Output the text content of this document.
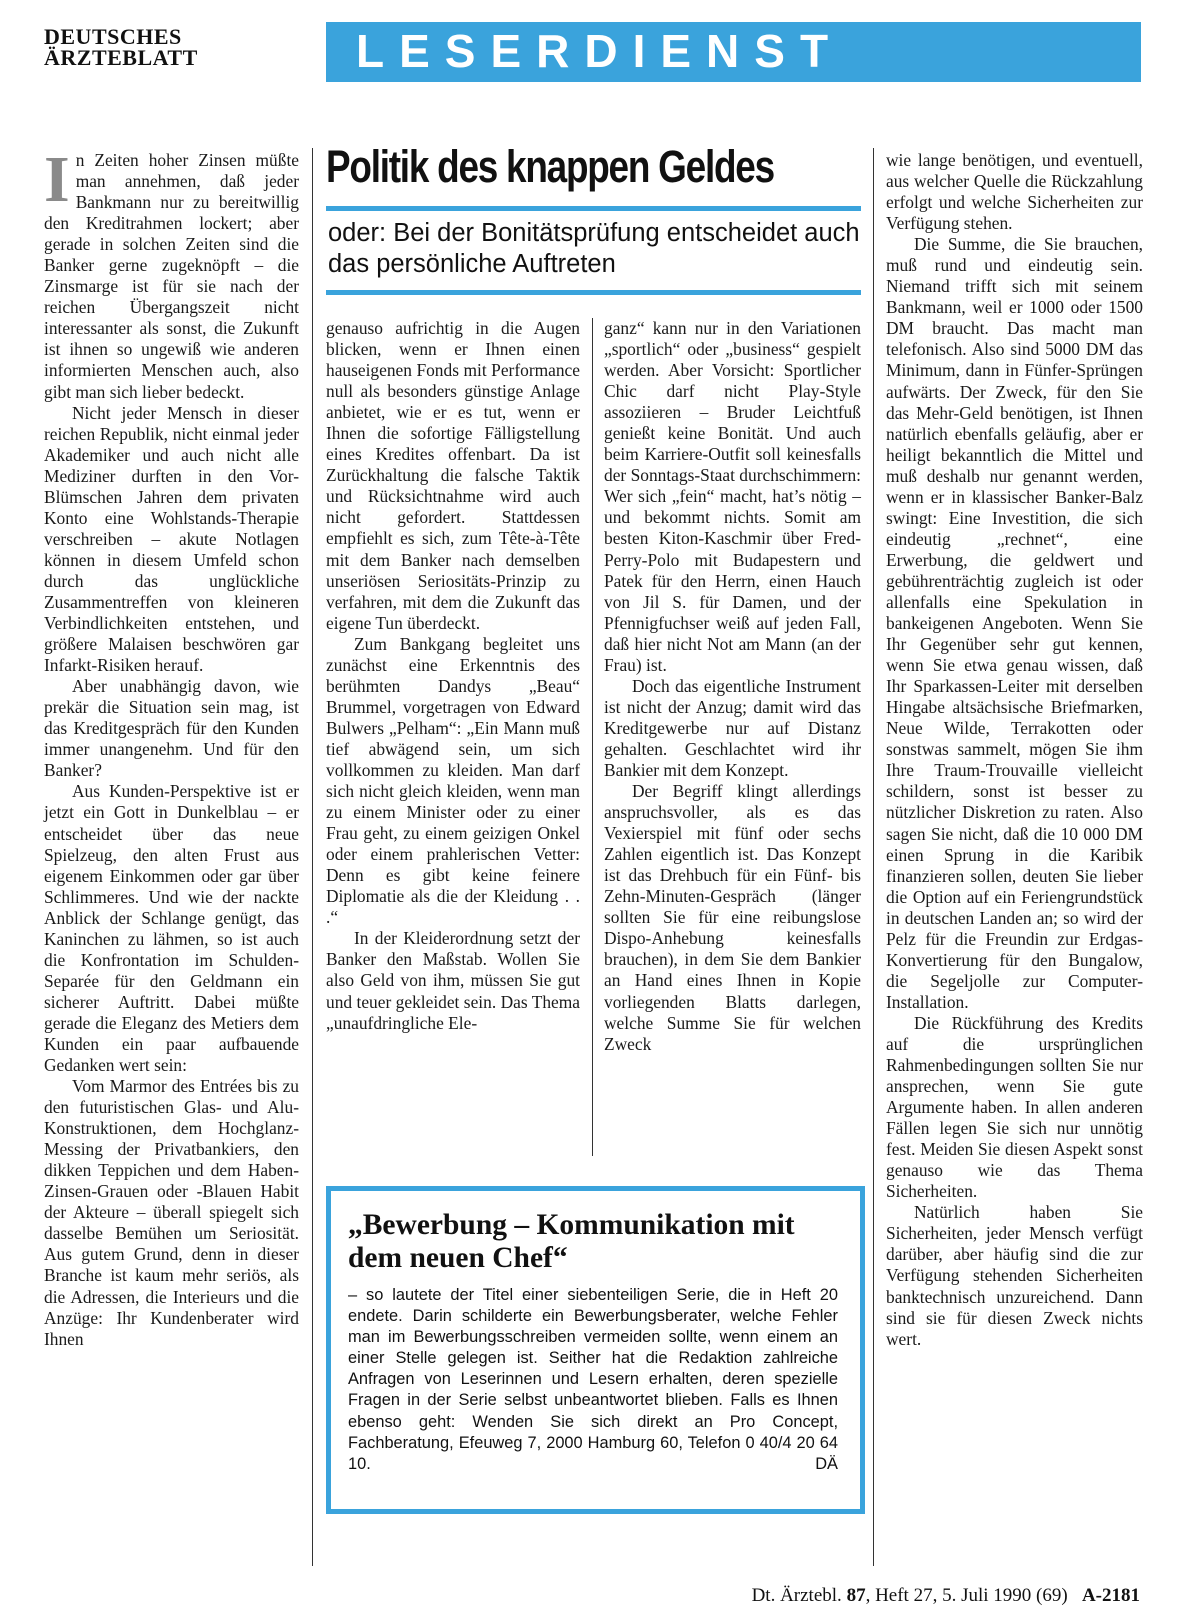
DEUTSCHES
ÄRZTEBLATT	LESERDIENST

In Zeiten hoher Zinsen müßte man annehmen, daß jeder Bankmann nur zu bereitwillig den Kreditrahmen lockert; aber gerade in solchen Zeiten sind die Banker gerne zugeknöpft – die Zinsmarge ist für sie nach der reichen Übergangszeit nicht interessanter als sonst, die Zukunft ist ihnen so ungewiß wie anderen informierten Menschen auch, also gibt man sich lieber bedeckt.

Nicht jeder Mensch in dieser reichen Republik, nicht einmal jeder Akademiker und auch nicht alle Mediziner durften in den Vor-Blümschen Jahren dem privaten Konto eine Wohlstands-Therapie verschreiben – akute Notlagen können in diesem Umfeld schon durch das unglückliche Zusammentreffen von kleineren Verbindlichkeiten entstehen, und größere Malaisen beschwören gar Infarkt-Risiken herauf.

Aber unabhängig davon, wie prekär die Situation sein mag, ist das Kreditgespräch für den Kunden immer unangenehm. Und für den Banker?

Aus Kunden-Perspektive ist er jetzt ein Gott in Dunkelblau – er entscheidet über das neue Spielzeug, den alten Frust aus eigenem Einkommen oder gar über Schlimmeres. Und wie der nackte Anblick der Schlange genügt, das Kaninchen zu lähmen, so ist auch die Konfrontation im Schulden-Separée für den Geldmann ein sicherer Auftritt. Dabei müßte gerade die Eleganz des Metiers dem Kunden ein paar aufbauende Gedanken wert sein:

Vom Marmor des Entrées bis zu den futuristischen Glas- und Alu-Konstruktionen, dem Hochglanz-Messing der Privatbankiers, den dikken Teppichen und dem Haben-Zinsen-Grauen oder -Blauen Habit der Akteure – überall spiegelt sich dasselbe Bemühen um Seriosität. Aus gutem Grund, denn in dieser Branche ist kaum mehr seriös, als die Adressen, die Interieurs und die Anzüge: Ihr Kundenberater wird Ihnen

Politik des knappen Geldes
oder: Bei der Bonitätsprüfung entscheidet auch das persönliche Auftreten

genauso aufrichtig in die Augen blicken, wenn er Ihnen einen hauseigenen Fonds mit Performance null als besonders günstige Anlage anbietet, wie er es tut, wenn er Ihnen die sofortige Fälligstellung eines Kredites offenbart. Da ist Zurückhaltung die falsche Taktik und Rücksichtnahme wird auch nicht gefordert. Stattdessen empfiehlt es sich, zum Tête-à-Tête mit dem Banker nach demselben unseriösen Seriositäts-Prinzip zu verfahren, mit dem die Zukunft das eigene Tun überdeckt.

Zum Bankgang begleitet uns zunächst eine Erkenntnis des berühmten Dandys „Beau“ Brummel, vorgetragen von Edward Bulwers „Pelham“: „Ein Mann muß tief abwägend sein, um sich vollkommen zu kleiden. Man darf sich nicht gleich kleiden, wenn man zu einem Minister oder zu einer Frau geht, zu einem geizigen Onkel oder einem prahlerischen Vetter: Denn es gibt keine feinere Diplomatie als die der Kleidung . . .“

In der Kleiderordnung setzt der Banker den Maßstab. Wollen Sie also Geld von ihm, müssen Sie gut und teuer gekleidet sein. Das Thema „unaufdringliche Ele-

ganz“ kann nur in den Variationen „sportlich“ oder „business“ gespielt werden. Aber Vorsicht: Sportlicher Chic darf nicht Play-Style assoziieren – Bruder Leichtfuß genießt keine Bonität. Und auch beim Karriere-Outfit soll keinesfalls der Sonntags-Staat durchschimmern: Wer sich „fein“ macht, hat’s nötig – und bekommt nichts. Somit am besten Kiton-Kaschmir über Fred-Perry-Polo mit Budapestern und Patek für den Herrn, einen Hauch von Jil S. für Damen, und der Pfennigfuchser weiß auf jeden Fall, daß hier nicht Not am Mann (an der Frau) ist.

Doch das eigentliche Instrument ist nicht der Anzug; damit wird das Kreditgewerbe nur auf Distanz gehalten. Geschlachtet wird ihr Bankier mit dem Konzept.

Der Begriff klingt allerdings anspruchsvoller, als es das Vexierspiel mit fünf oder sechs Zahlen eigentlich ist. Das Konzept ist das Drehbuch für ein Fünf- bis Zehn-Minuten-Gespräch (länger sollten Sie für eine reibungslose Dispo-Anhebung keinesfalls brauchen), in dem Sie dem Bankier an Hand eines Ihnen in Kopie vorliegenden Blatts darlegen, welche Summe Sie für welchen Zweck

wie lange benötigen, und eventuell, aus welcher Quelle die Rückzahlung erfolgt und welche Sicherheiten zur Verfügung stehen.

Die Summe, die Sie brauchen, muß rund und eindeutig sein. Niemand trifft sich mit seinem Bankmann, weil er 1000 oder 1500 DM braucht. Das macht man telefonisch. Also sind 5000 DM das Minimum, dann in Fünfer-Sprüngen aufwärts. Der Zweck, für den Sie das Mehr-Geld benötigen, ist Ihnen natürlich ebenfalls geläufig, aber er heiligt bekanntlich die Mittel und muß deshalb nur genannt werden, wenn er in klassischer Banker-Balz swingt: Eine Investition, die sich eindeutig „rechnet“, eine Erwerbung, die geldwert und gebührenträchtig zugleich ist oder allenfalls eine Spekulation in bankeigenen Angeboten. Wenn Sie Ihr Gegenüber sehr gut kennen, wenn Sie etwa genau wissen, daß Ihr Sparkassen-Leiter mit derselben Hingabe altsächsische Briefmarken, Neue Wilde, Terrakotten oder sonstwas sammelt, mögen Sie ihm Ihre Traum-Trouvaille vielleicht schildern, sonst ist besser zu nützlicher Diskretion zu raten. Also sagen Sie nicht, daß die 10 000 DM einen Sprung in die Karibik finanzieren sollen, deuten Sie lieber die Option auf ein Feriengrundstück in deutschen Landen an; so wird der Pelz für die Freundin zur Erdgas-Konvertierung für den Bungalow, die Segeljolle zur Computer-Installation.

Die Rückführung des Kredits auf die ursprünglichen Rahmenbedingungen sollten Sie nur ansprechen, wenn Sie gute Argumente haben. In allen anderen Fällen legen Sie sich nur unnötig fest. Meiden Sie diesen Aspekt sonst genauso wie das Thema Sicherheiten.

Natürlich haben Sie Sicherheiten, jeder Mensch verfügt darüber, aber häufig sind die zur Verfügung stehenden Sicherheiten banktechnisch unzureichend. Dann sind sie für diesen Zweck nichts wert.

„Bewerbung – Kommunikation mit dem neuen Chef“
– so lautete der Titel einer siebenteiligen Serie, die in Heft 20 endete. Darin schilderte ein Bewerbungsberater, welche Fehler man im Bewerbungsschreiben vermeiden sollte, wenn einem an einer Stelle gelegen ist. Seither hat die Redaktion zahlreiche Anfragen von Leserinnen und Lesern erhalten, deren spezielle Fragen in der Serie selbst unbeantwortet blieben. Falls es Ihnen ebenso geht: Wenden Sie sich direkt an Pro Concept, Fachberatung, Efeuweg 7, 2000 Hamburg 60, Telefon 0 40/4 20 64 10.	DÄ
Dt. Ärztebl. 87, Heft 27, 5. Juli 1990 (69) A-2181
